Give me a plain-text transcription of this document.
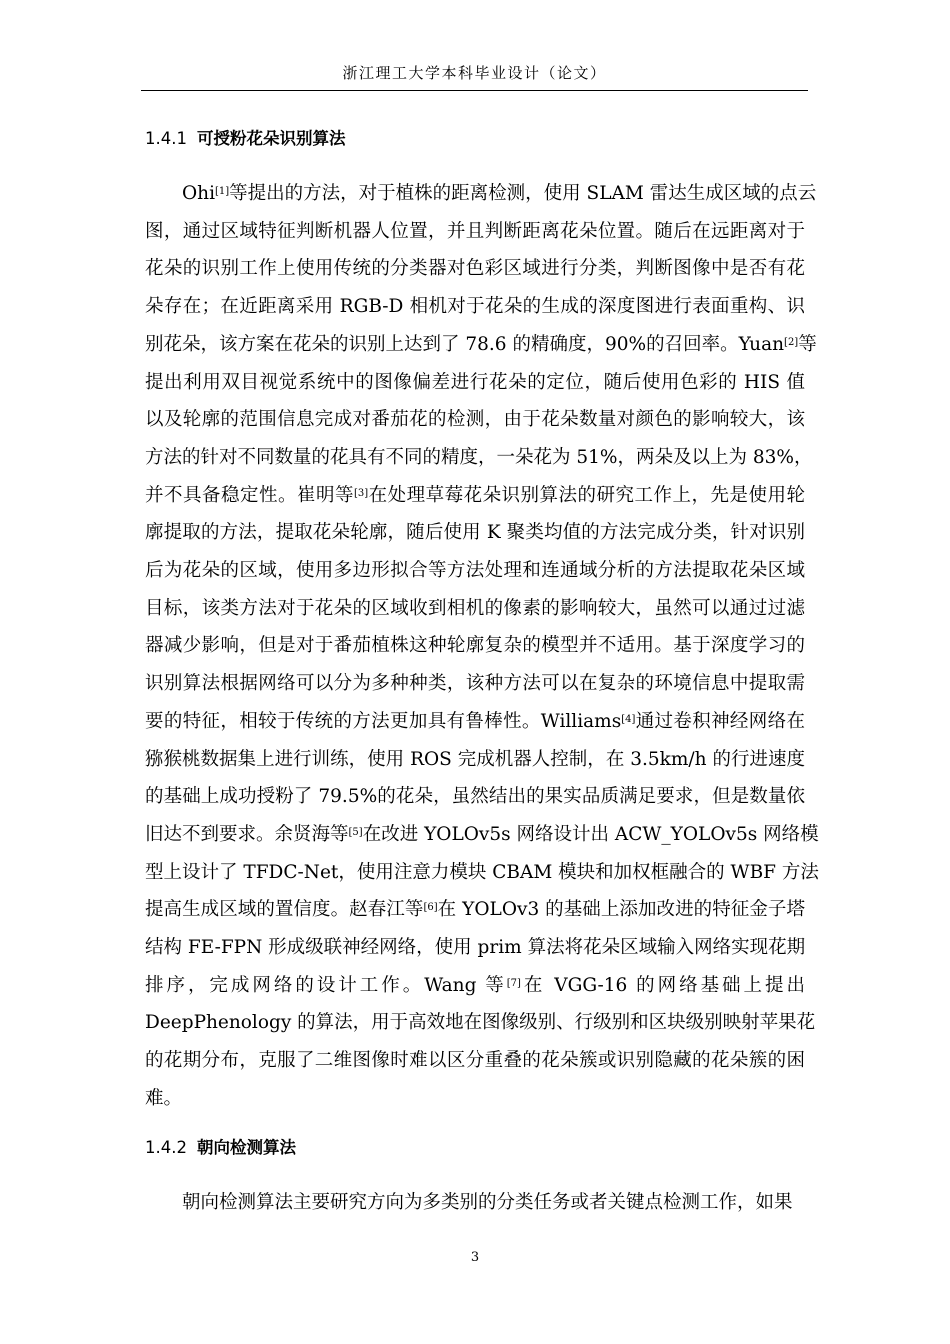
浙江理工大学本科毕业设计（论文）
1.4.1 可授粉花朵识别算法
　　Ohi[1]等提出的方法，对于植株的距离检测，使用 SLAM 雷达生成区域的点云
图，通过区域特征判断机器人位置，并且判断距离花朵位置。随后在远距离对于
花朵的识别工作上使用传统的分类器对色彩区域进行分类，判断图像中是否有花
朵存在；在近距离采用 RGB-D 相机对于花朵的生成的深度图进行表面重构、识
别花朵，该方案在花朵的识别上达到了 78.6 的精确度，90%的召回率。Yuan[2]等
提出利用双目视觉系统中的图像偏差进行花朵的定位，随后使用色彩的 HIS 值
以及轮廓的范围信息完成对番茄花的检测，由于花朵数量对颜色的影响较大，该
方法的针对不同数量的花具有不同的精度，一朵花为 51%，两朵及以上为 83%，
并不具备稳定性。崔明等[3]在处理草莓花朵识别算法的研究工作上，先是使用轮
廓提取的方法，提取花朵轮廓，随后使用 K 聚类均值的方法完成分类，针对识别
后为花朵的区域，使用多边形拟合等方法处理和连通域分析的方法提取花朵区域
目标，该类方法对于花朵的区域收到相机的像素的影响较大，虽然可以通过过滤
器减少影响，但是对于番茄植株这种轮廓复杂的模型并不适用。基于深度学习的
识别算法根据网络可以分为多种种类，该种方法可以在复杂的环境信息中提取需
要的特征，相较于传统的方法更加具有鲁棒性。Williams[4]通过卷积神经网络在
猕猴桃数据集上进行训练，使用 ROS 完成机器人控制，在 3.5km/h 的行进速度
的基础上成功授粉了 79.5%的花朵，虽然结出的果实品质满足要求，但是数量依
旧达不到要求。余贤海等[5]在改进 YOLOv5s 网络设计出 ACW_YOLOv5s 网络模
型上设计了 TFDC-Net，使用注意力模块 CBAM 模块和加权框融合的 WBF 方法
提高生成区域的置信度。赵春江等[6]在 YOLOv3 的基础上添加改进的特征金子塔
结构 FE-FPN 形成级联神经网络，使用 prim 算法将花朵区域输入网络实现花期
排序，完成网络的设计工作。Wang 等[7]在 VGG-16 的网络基础上提出
DeepPhenology 的算法，用于高效地在图像级别、行级别和区块级别映射苹果花
的花期分布，克服了二维图像时难以区分重叠的花朵簇或识别隐藏的花朵簇的困
难。
1.4.2 朝向检测算法
　　朝向检测算法主要研究方向为多类别的分类任务或者关键点检测工作，如果
3
